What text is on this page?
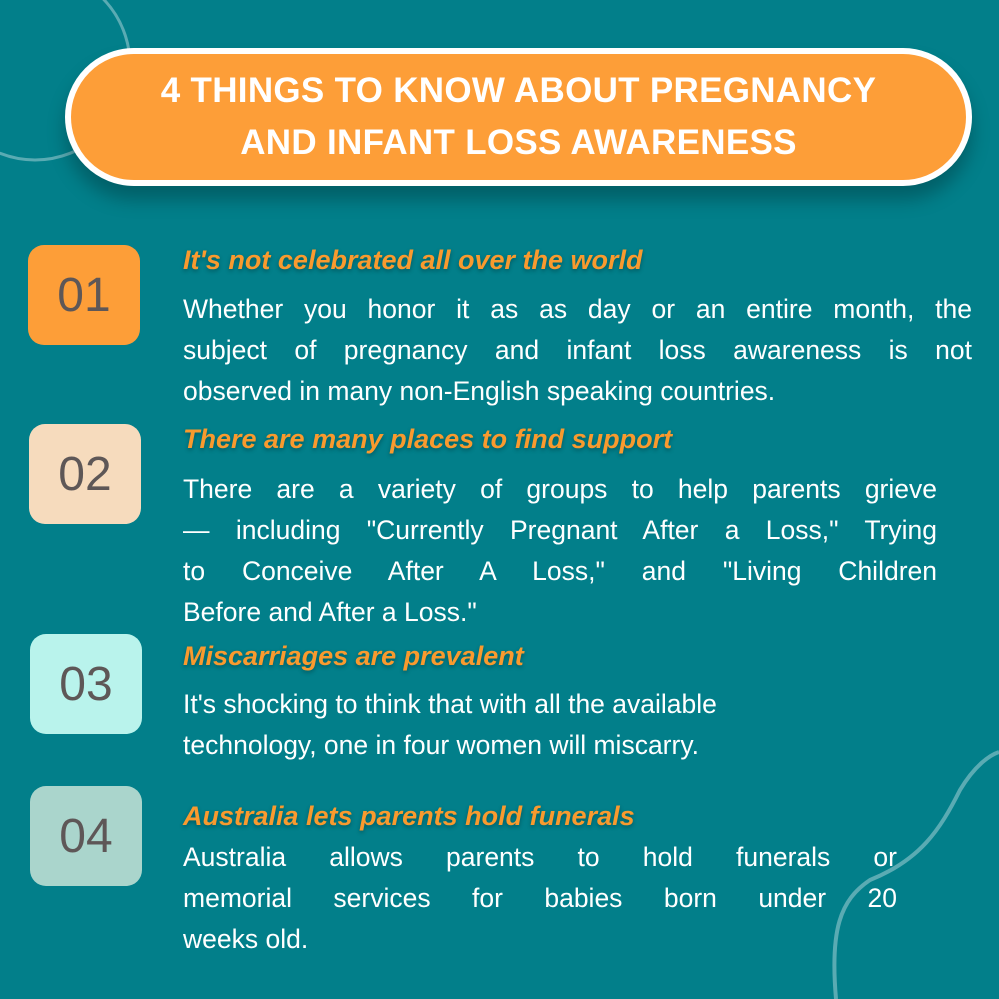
4 THINGS TO KNOW ABOUT PREGNANCY
AND INFANT LOSS AWARENESS
01
It's not celebrated all over the world
Whether you honor it as as day or an entire month, the
subject of pregnancy and infant loss awareness is not
observed in many non-English speaking countries.
02
There are many places to find support
There are a variety of groups to help parents grieve
— including "Currently Pregnant After a Loss," Trying
to Conceive After A Loss," and "Living Children
Before and After a Loss."
03
Miscarriages are prevalent
It's shocking to think that with all the available
technology, one in four women will miscarry.
04	Australia lets parents hold funerals
Australia allows parents to hold funerals or
memorial services for babies born under 20
weeks old.
